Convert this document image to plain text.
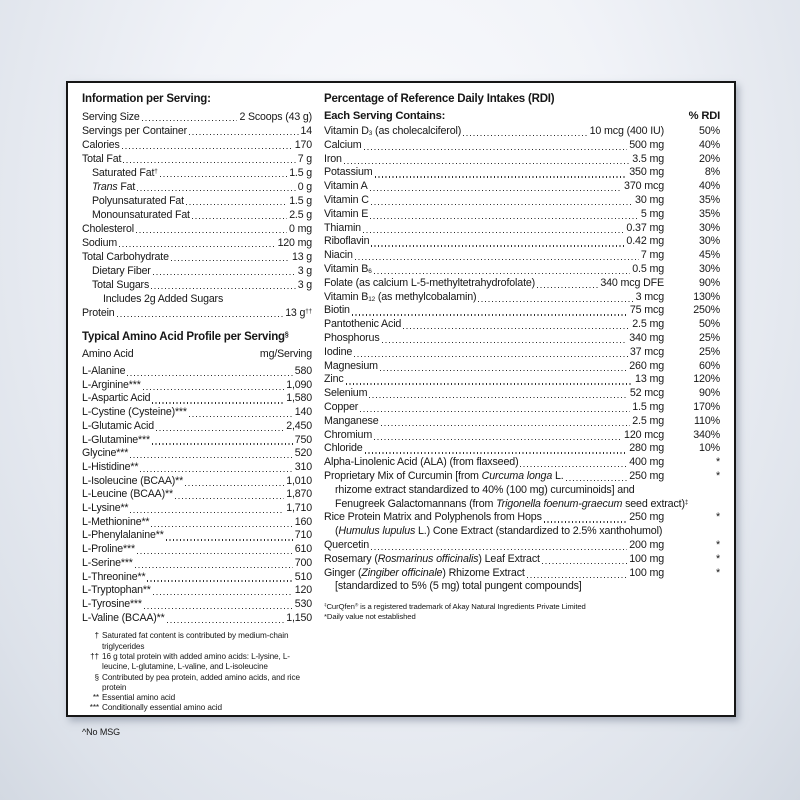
Information per Serving:
Serving Size	2 Scoops (43 g)
Servings per Container	14
Calories	170
Total Fat	7 g
Saturated Fat†	1.5 g
Trans Fat	0 g
Polyunsaturated Fat	1.5 g
Monounsaturated Fat	2.5 g
Cholesterol	0 mg
Sodium	120 mg
Total Carbohydrate	13 g
Dietary Fiber	3 g
Total Sugars	3 g
Includes 2g Added Sugars
Protein	13 g††
Typical Amino Acid Profile per Serving§
Amino Acid	mg/Serving
L-Alanine	580
L-Arginine***	1,090
L-Aspartic Acid	1,580
L-Cystine (Cysteine)***	140
L-Glutamic Acid	2,450
L-Glutamine***	750
Glycine***	520
L-Histidine**	310
L-Isoleucine (BCAA)**	1,010
L-Leucine (BCAA)**	1,870
L-Lysine**	1,710
L-Methionine**	160
L-Phenylalanine**	710
L-Proline***	610
L-Serine***	700
L-Threonine**	510
L-Tryptophan**	120
L-Tyrosine***	530
L-Valine (BCAA)**	1,150
† Saturated fat content is contributed by medium-chain triglycerides
†† 16 g total protein with added amino acids: L-lysine, L-leucine, L-glutamine, L-valine, and L-isoleucine
§ Contributed by pea protein, added amino acids, and rice protein
** Essential amino acid
*** Conditionally essential amino acid
^No MSG
Percentage of Reference Daily Intakes (RDI)
Each Serving Contains:	% RDI
Vitamin D3 (as cholecalciferol)	10 mcg (400 IU)	50%
Calcium	500 mg	40%
Iron	3.5 mg	20%
Potassium	350 mg	8%
Vitamin A	370 mcg	40%
Vitamin C	30 mg	35%
Vitamin E	5 mg	35%
Thiamin	0.37 mg	30%
Riboflavin	0.42 mg	30%
Niacin	7 mg	45%
Vitamin B6	0.5 mg	30%
Folate (as calcium L-5-methyltetrahydrofolate)	340 mcg DFE	90%
Vitamin B12 (as methylcobalamin)	3 mcg	130%
Biotin	75 mcg	250%
Pantothenic Acid	2.5 mg	50%
Phosphorus	340 mg	25%
Iodine	37 mcg	25%
Magnesium	260 mg	60%
Zinc	13 mg	120%
Selenium	52 mcg	90%
Copper	1.5 mg	170%
Manganese	2.5 mg	110%
Chromium	120 mcg	340%
Chloride	280 mg	10%
Alpha-Linolenic Acid (ALA) (from flaxseed)	400 mg	*
Proprietary Mix of Curcumin [from Curcuma longa L.	250 mg	*
rhizome extract standardized to 40% (100 mg) curcuminoids] and
Fenugreek Galactomannans (from Trigonella foenum-graecum seed extract)‡
Rice Protein Matrix and Polyphenols from Hops	250 mg	*
(Humulus lupulus L.) Cone Extract (standardized to 2.5% xanthohumol)
Quercetin	200 mg	*
Rosemary (Rosmarinus officinalis) Leaf Extract	100 mg	*
Ginger (Zingiber officinale) Rhizome Extract	100 mg	*
[standardized to 5% (5 mg) total pungent compounds]
‡CurQfen® is a registered trademark of Akay Natural Ingredients Private Limited
*Daily value not established
